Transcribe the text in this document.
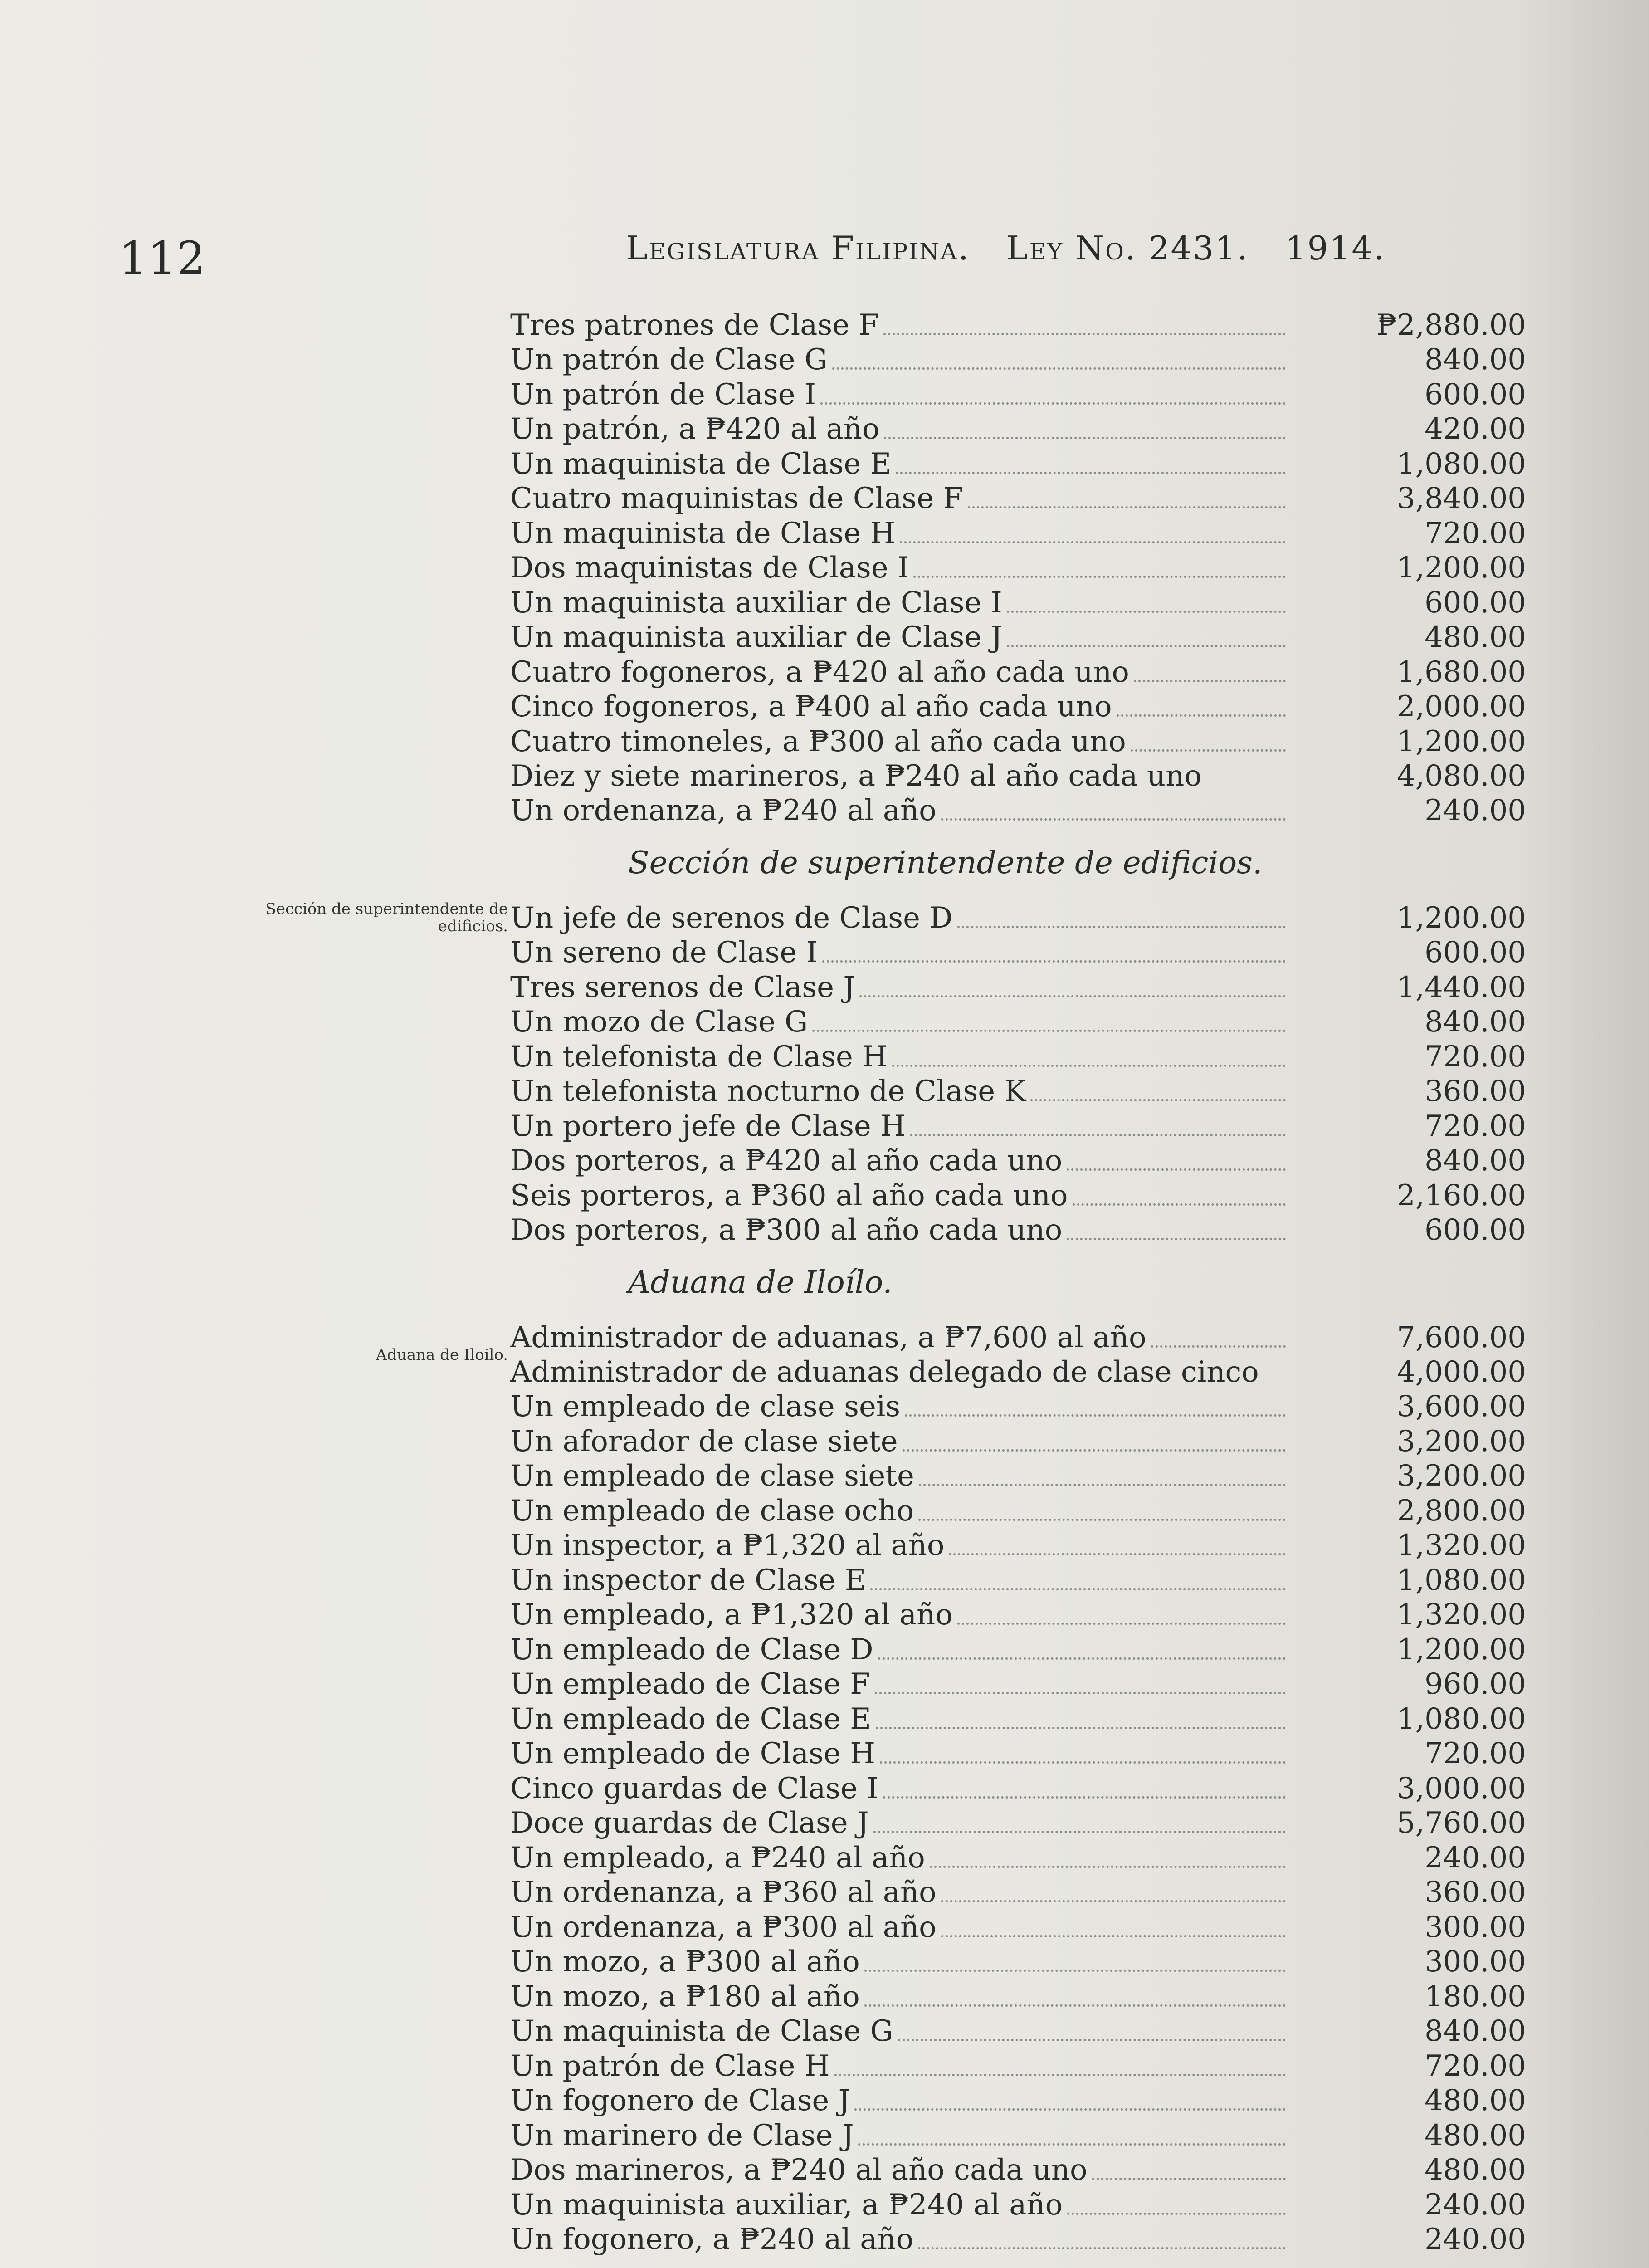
112	Legislatura Filipina. Ley No. 2431. 1914.
Sección de superintendente de edificios.
Aduana de Iloilo.
Tres patrones de Clase F	₱2,880.00
Un patrón de Clase G	840.00
Un patrón de Clase I	600.00
Un patrón, a ₱420 al año	420.00
Un maquinista de Clase E	1,080.00
Cuatro maquinistas de Clase F	3,840.00
Un maquinista de Clase H	720.00
Dos maquinistas de Clase I	1,200.00
Un maquinista auxiliar de Clase I	600.00
Un maquinista auxiliar de Clase J	480.00
Cuatro fogoneros, a ₱420 al año cada uno	1,680.00
Cinco fogoneros, a ₱400 al año cada uno	2,000.00
Cuatro timoneles, a ₱300 al año cada uno	1,200.00
Diez y siete marineros, a ₱240 al año cada uno	4,080.00
Un ordenanza, a ₱240 al año	240.00
Sección de superintendente de edificios.
Un jefe de serenos de Clase D	1,200.00
Un sereno de Clase I	600.00
Tres serenos de Clase J	1,440.00
Un mozo de Clase G	840.00
Un telefonista de Clase H	720.00
Un telefonista nocturno de Clase K	360.00
Un portero jefe de Clase H	720.00
Dos porteros, a ₱420 al año cada uno	840.00
Seis porteros, a ₱360 al año cada uno	2,160.00
Dos porteros, a ₱300 al año cada uno	600.00
Aduana de Iloílo.
Administrador de aduanas, a ₱7,600 al año	7,600.00
Administrador de aduanas delegado de clase cinco	4,000.00
Un empleado de clase seis	3,600.00
Un aforador de clase siete	3,200.00
Un empleado de clase siete	3,200.00
Un empleado de clase ocho	2,800.00
Un inspector, a ₱1,320 al año	1,320.00
Un inspector de Clase E	1,080.00
Un empleado, a ₱1,320 al año	1,320.00
Un empleado de Clase D	1,200.00
Un empleado de Clase F	960.00
Un empleado de Clase E	1,080.00
Un empleado de Clase H	720.00
Cinco guardas de Clase I	3,000.00
Doce guardas de Clase J	5,760.00
Un empleado, a ₱240 al año	240.00
Un ordenanza, a ₱360 al año	360.00
Un ordenanza, a ₱300 al año	300.00
Un mozo, a ₱300 al año	300.00
Un mozo, a ₱180 al año	180.00
Un maquinista de Clase G	840.00
Un patrón de Clase H	720.00
Un fogonero de Clase J	480.00
Un marinero de Clase J	480.00
Dos marineros, a ₱240 al año cada uno	480.00
Un maquinista auxiliar, a ₱240 al año	240.00
Un fogonero, a ₱240 al año	240.00
